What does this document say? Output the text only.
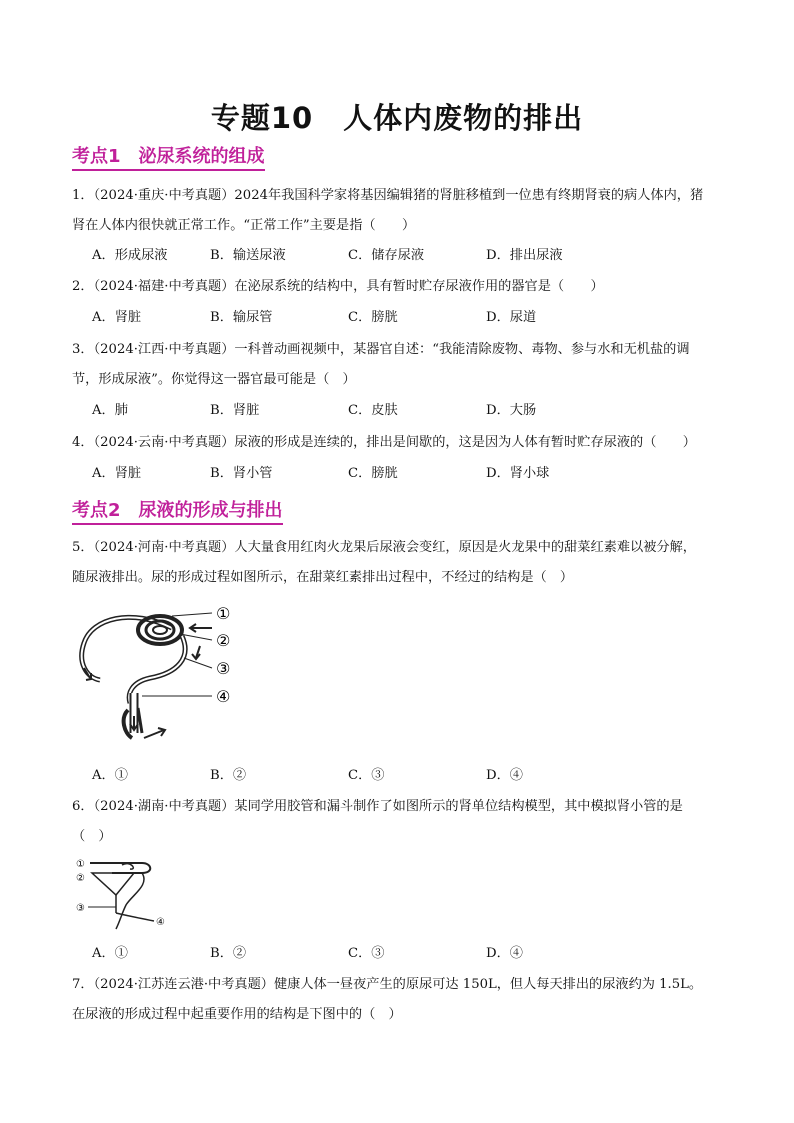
专题10　人体内废物的排出
考点1　泌尿系统的组成
1．（2024·重庆·中考真题）2024年我国科学家将基因编辑猪的肾脏移植到一位患有终期肾衰的病人体内，猪
肾在人体内很快就正常工作。“正常工作”主要是指（　　）
A．形成尿液	B．输送尿液	C．储存尿液	D．排出尿液
2．（2024·福建·中考真题）在泌尿系统的结构中，具有暂时贮存尿液作用的器官是（　　）
A．肾脏	B．输尿管	C．膀胱	D．尿道
3．（2024·江西·中考真题）一科普动画视频中，某器官自述：“我能清除废物、毒物、参与水和无机盐的调
节，形成尿液”。你觉得这一器官最可能是（　）
A．肺	B．肾脏	C．皮肤	D．大肠
4．（2024·云南·中考真题）尿液的形成是连续的，排出是间歇的，这是因为人体有暂时贮存尿液的（　　）
A．肾脏	B．肾小管	C．膀胱	D．肾小球
考点2　尿液的形成与排出
5．（2024·河南·中考真题）人大量食用红肉火龙果后尿液会变红，原因是火龙果中的甜菜红素难以被分解，
随尿液排出。尿的形成过程如图所示，在甜菜红素排出过程中，不经过的结构是（　）
①
②
③
④
A．①	B．②	C．③	D．④
6．（2024·湖南·中考真题）某同学用胶管和漏斗制作了如图所示的肾单位结构模型，其中模拟肾小管的是
（　）
①
②
③
④
A．①	B．②	C．③	D．④
7．（2024·江苏连云港·中考真题）健康人体一昼夜产生的原尿可达 150L，但人每天排出的尿液约为 1.5L。
在尿液的形成过程中起重要作用的结构是下图中的（　）
